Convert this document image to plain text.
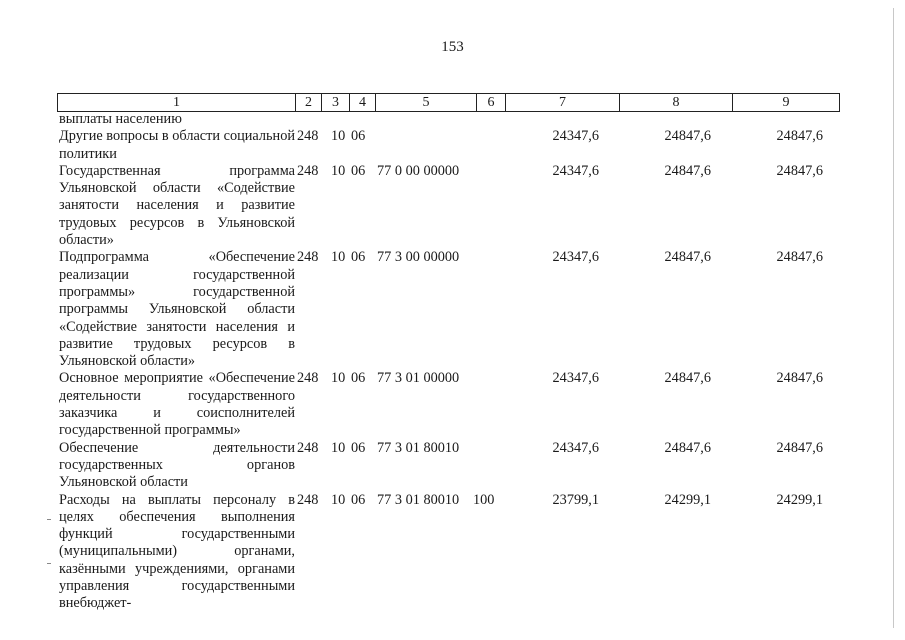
153
1	2	3	4	5	6	7	8	9
выплаты населению								
Другие вопросы в области социальной политики	248	10	06			24347,6	24847,6	24847,6
Государственная программа Ульяновской области «Содействие занятости населения и развитие трудовых ресурсов в Ульяновской области»	248	10	06	77 0 00 00000		24347,6	24847,6	24847,6
Подпрограмма «Обеспечение реализации государственной программы» государственной программы Ульяновской области «Содействие занятости населения и развитие трудовых ресурсов в Ульяновской области»	248	10	06	77 3 00 00000		24347,6	24847,6	24847,6
Основное мероприятие «Обеспечение деятельности государственного заказчика и соисполнителей государственной программы»	248	10	06	77 3 01 00000		24347,6	24847,6	24847,6
Обеспечение деятельности государственных органов Ульяновской области	248	10	06	77 3 01 80010		24347,6	24847,6	24847,6
Расходы на выплаты персоналу в целях обеспечения выполнения функций государственными (муниципальными) органами, казёнными учреждениями, органами управления государственными внебюджет-	248	10	06	77 3 01 80010	100	23799,1	24299,1	24299,1
